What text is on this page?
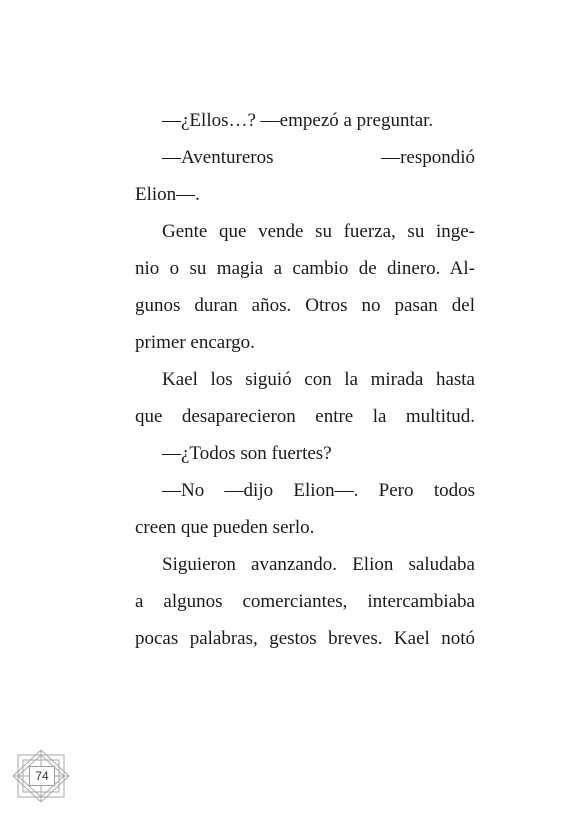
—¿Ellos…? —empezó a preguntar.
—Aventureros —respondió
Elion—.
Gente que vende su fuerza, su inge-
nio o su magia a cambio de dinero. Al-
gunos duran años. Otros no pasan del
primer encargo.
Kael los siguió con la mirada hasta
que desaparecieron entre la multitud.
—¿Todos son fuertes?
—No —dijo Elion—. Pero todos
creen que pueden serlo.
Siguieron avanzando. Elion saludaba
a algunos comerciantes, intercambiaba
pocas palabras, gestos breves. Kael notó
74
